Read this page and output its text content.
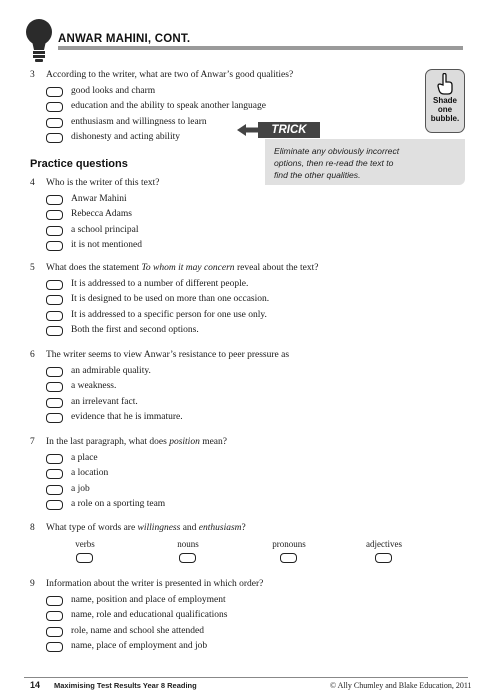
ANWAR MAHINI, CONT.
Shade
one
bubble.
TRICK
Eliminate any obviously incorrect
options, then re-read the text to
find the other qualities.
3 According to the writer, what are two of Anwar’s good qualities?
good looks and charm
education and the ability to speak another language
enthusiasm and willingness to learn
dishonesty and acting ability
Practice questions
4 Who is the writer of this text?
Anwar Mahini
Rebecca Adams
a school principal
it is not mentioned
5 What does the statement To whom it may concern reveal about the text?
It is addressed to a number of different people.
It is designed to be used on more than one occasion.
It is addressed to a specific person for one use only.
Both the first and second options.
6 The writer seems to view Anwar’s resistance to peer pressure as
an admirable quality.
a weakness.
an irrelevant fact.
evidence that he is immature.
7 In the last paragraph, what does position mean?
a place
a location
a job
a role on a sporting team
8 What type of words are willingness and enthusiasm?
verbs	nouns	pronouns	adjectives
9 Information about the writer is presented in which order?
name, position and place of employment
name, role and educational qualifications
role, name and school she attended
name, place of employment and job
14 Maximising Test Results Year 8 Reading	© Ally Chumley and Blake Education, 2011
